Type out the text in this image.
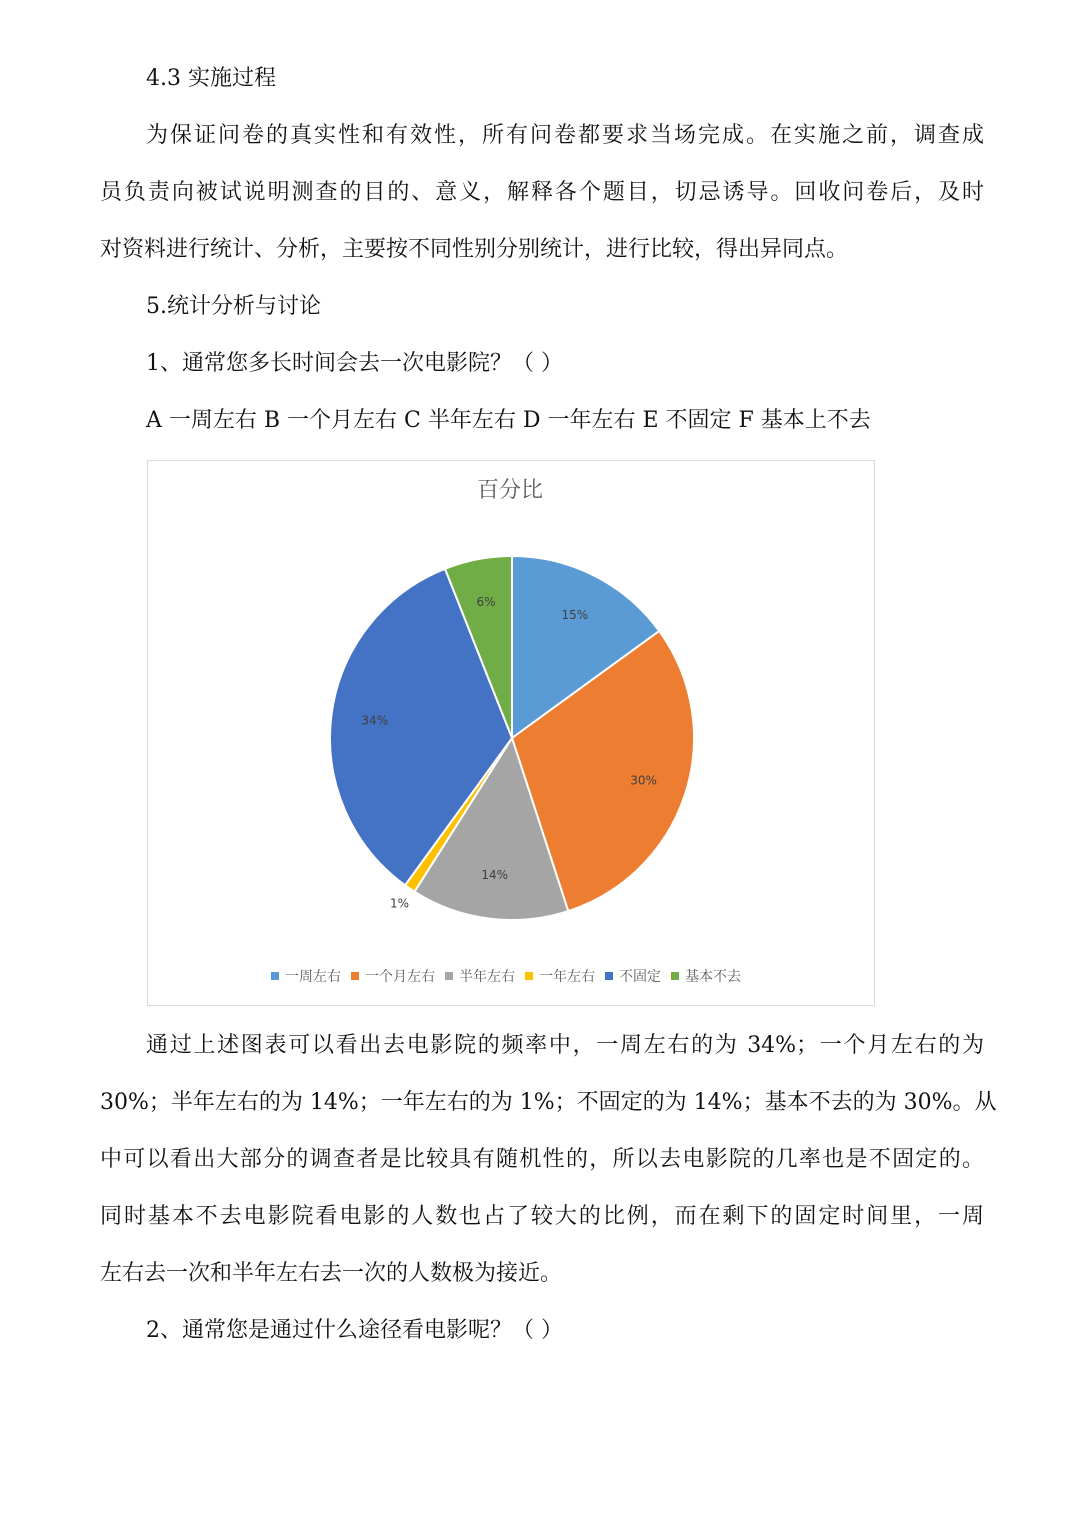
4.3 实施过程
为保证问卷的真实性和有效性，所有问卷都要求当场完成。在实施之前，调查成
员负责向被试说明测查的目的、意义，解释各个题目，切忌诱导。回收问卷后，及时
对资料进行统计、分析，主要按不同性别分别统计，进行比较，得出异同点。
5.统计分析与讨论
1、通常您多长时间会去一次电影院？（ ）
A 一周左右 B 一个月左右 C 半年左右 D 一年左右 E 不固定 F 基本上不去
百分比
15%
30%
14%
1%
34%
6%
一周左右 一个月左右 半年左右 一年左右 不固定 基本不去
通过上述图表可以看出去电影院的频率中，一周左右的为 34%；一个月左右的为
30%；半年左右的为 14%；一年左右的为 1%；不固定的为 14%；基本不去的为 30%。从
中可以看出大部分的调查者是比较具有随机性的，所以去电影院的几率也是不固定的。
同时基本不去电影院看电影的人数也占了较大的比例，而在剩下的固定时间里，一周
左右去一次和半年左右去一次的人数极为接近。
2、通常您是通过什么途径看电影呢？（ ）
